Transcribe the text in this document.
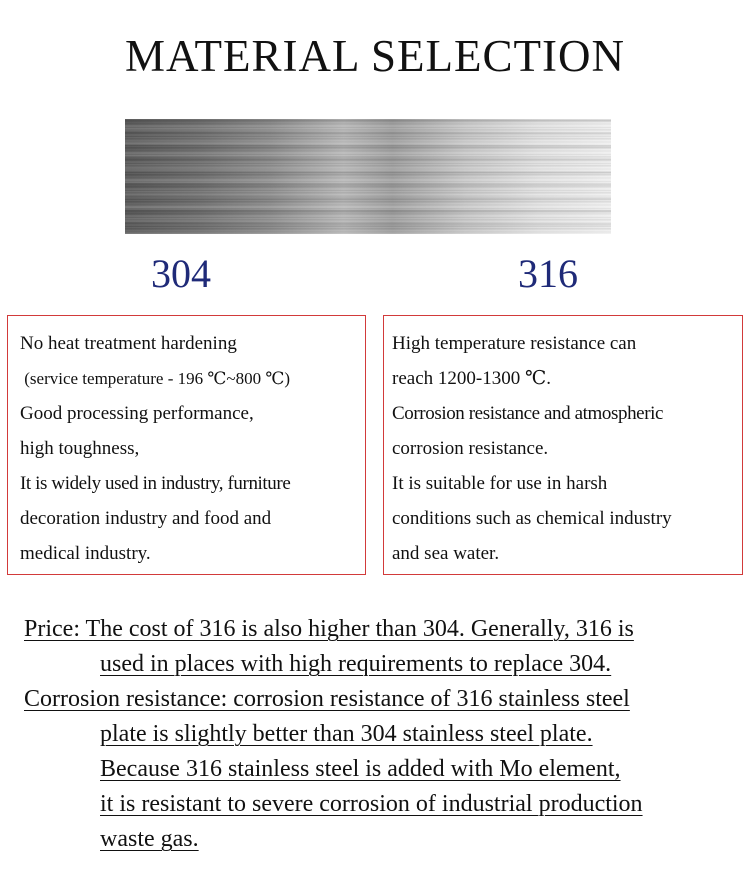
MATERIAL SELECTION
304	316
No heat treatment hardening
(service temperature - 196 ℃~800 ℃)
Good processing performance,
high toughness,
It is widely used in industry, furniture
decoration industry and food and
medical industry.
High temperature resistance can
reach 1200-1300 ℃.
Corrosion resistance and atmospheric
corrosion resistance.
It is suitable for use in harsh
conditions such as chemical industry
and sea water.
Price: The cost of 316 is also higher than 304. Generally, 316 is
used in places with high requirements to replace 304.
Corrosion resistance: corrosion resistance of 316 stainless steel
plate is slightly better than 304 stainless steel plate.
Because 316 stainless steel is added with Mo element,
it is resistant to severe corrosion of industrial production
waste gas.
